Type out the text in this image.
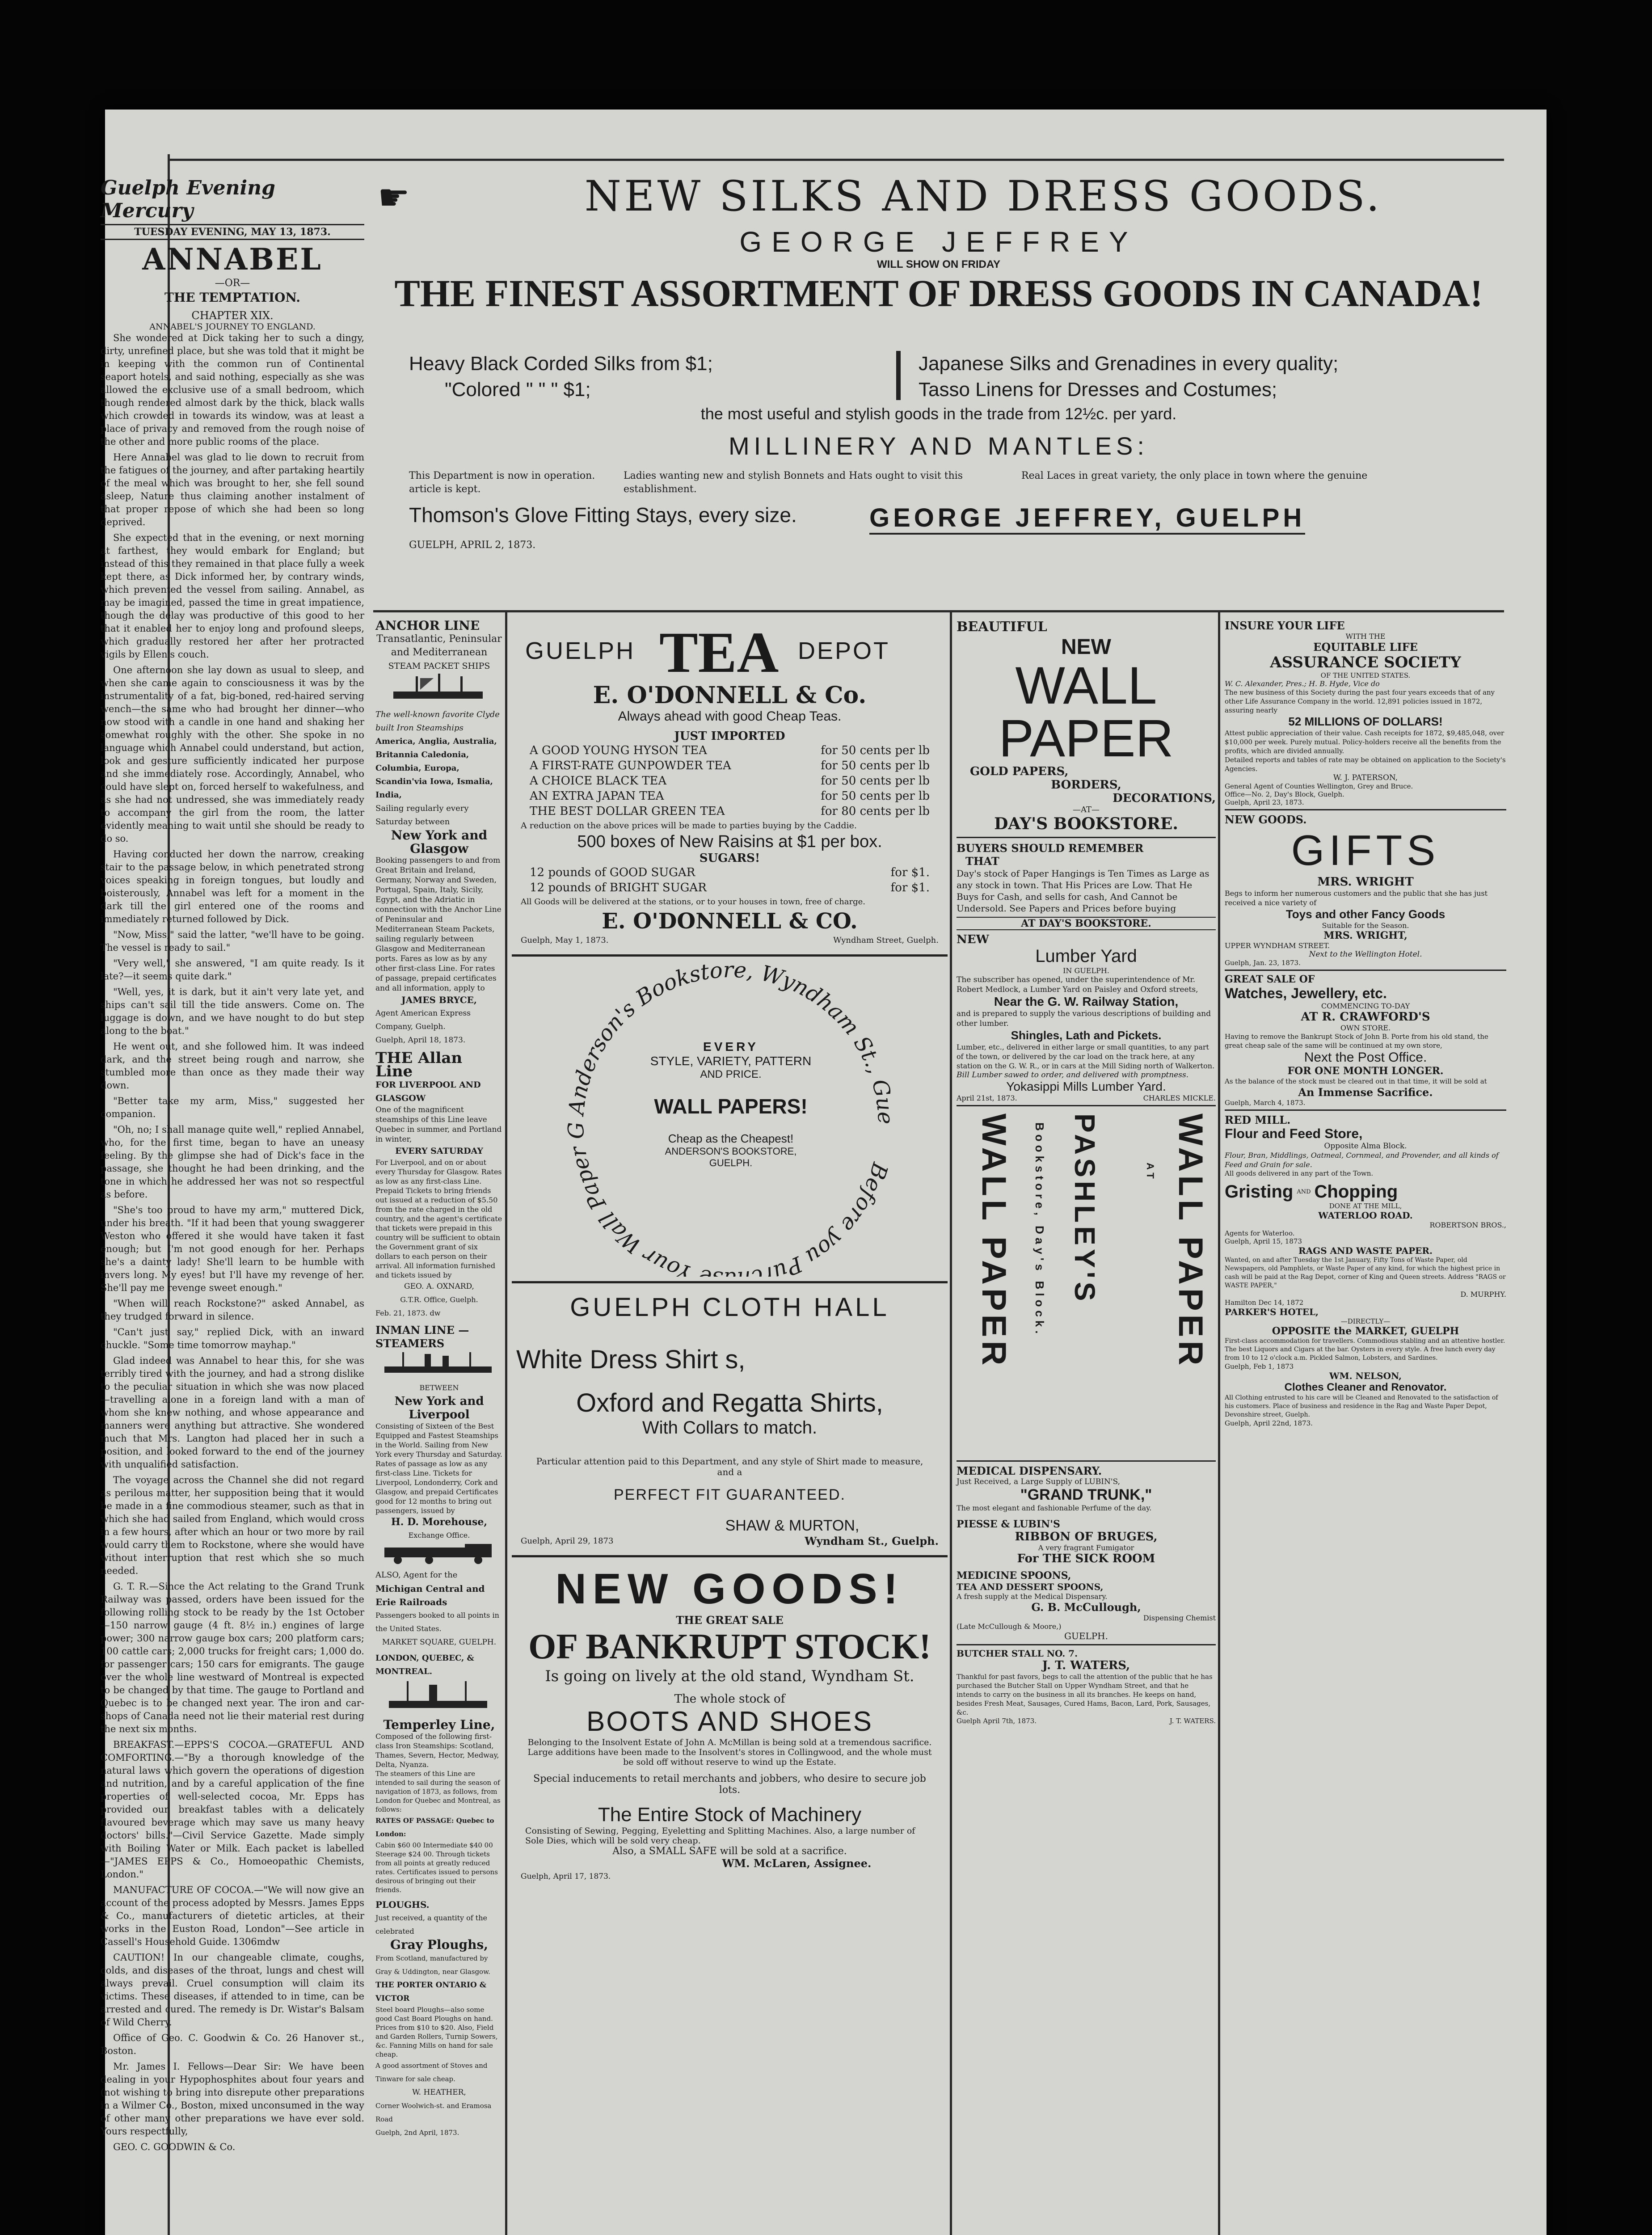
Guelph Evening Mercury
TUESDAY EVENING, MAY 13, 1873.
ANNABEL
—OR—
THE TEMPTATION.
CHAPTER XIX.
ANNABEL'S JOURNEY TO ENGLAND.

She wondered at Dick taking her to such a dingy, dirty, unrefined place, but she was told that it might be in keeping with the common run of Continental seaport hotels, and said nothing, especially as she was allowed the exclusive use of a small bedroom, which though rendered almost dark by the thick, black walls which crowded in towards its window, was at least a place of privacy and removed from the rough noise of the other and more public rooms of the place.

Here Annabel was glad to lie down to recruit from the fatigues of the journey, and after partaking heartily of the meal which was brought to her, she fell sound asleep, Nature thus claiming another instalment of that proper repose of which she had been so long deprived.

She expected that in the evening, or next morning at farthest, they would embark for England; but instead of this they remained in that place fully a week kept there, as Dick informed her, by contrary winds, which prevented the vessel from sailing. Annabel, as may be imagined, passed the time in great impatience, though the delay was productive of this good to her that it enabled her to enjoy long and profound sleeps, which gradually restored her after her protracted vigils by Ellen's couch.

One afternoon she lay down as usual to sleep, and when she came again to consciousness it was by the instrumentality of a fat, big-boned, red-haired serving wench—the same who had brought her dinner—who now stood with a candle in one hand and shaking her somewhat roughly with the other. She spoke in no language which Annabel could understand, but action, look and gesture sufficiently indicated her purpose and she immediately rose. Accordingly, Annabel, who could have slept on, forced herself to wakefulness, and as she had not undressed, she was immediately ready to accompany the girl from the room, the latter evidently meaning to wait until she should be ready to do so.

Having conducted her down the narrow, creaking stair to the passage below, in which penetrated strong voices speaking in foreign tongues, but loudly and boisterously, Annabel was left for a moment in the dark till the girl entered one of the rooms and immediately returned followed by Dick.

"Now, Miss," said the latter, "we'll have to be going. The vessel is ready to sail."

"Very well," she answered, "I am quite ready. Is it late?—it seems quite dark."

"Well, yes, it is dark, but it ain't very late yet, and ships can't sail till the tide answers. Come on. The luggage is down, and we have nought to do but step along to the boat."

He went out, and she followed him. It was indeed dark, and the street being rough and narrow, she stumbled more than once as they made their way down.

"Better take my arm, Miss," suggested her companion.

"Oh, no; I shall manage quite well," replied Annabel, who, for the first time, began to have an uneasy feeling. By the glimpse she had of Dick's face in the passage, she thought he had been drinking, and the tone in which he addressed her was not so respectful as before.

"She's too proud to have my arm," muttered Dick, under his breath. "If it had been that young swaggerer Weston who offered it she would have taken it fast enough; but I'm not good enough for her. Perhaps she's a dainty lady! She'll learn to be humble with invers long. My eyes! but I'll have my revenge of her. She'll pay me revenge sweet enough."

"When will reach Rockstone?" asked Annabel, as they trudged forward in silence.

"Can't just say," replied Dick, with an inward chuckle. "Some time tomorrow mayhap."

Glad indeed was Annabel to hear this, for she was terribly tired with the journey, and had a strong dislike to the peculiar situation in which she was now placed—travelling alone in a foreign land with a man of whom she knew nothing, and whose appearance and manners were anything but attractive. She wondered much that Mrs. Langton had placed her in such a position, and looked forward to the end of the journey with unqualified satisfaction.

The voyage across the Channel she did not regard as perilous matter, her supposition being that it would be made in a fine commodious steamer, such as that in which she had sailed from England, which would cross in a few hours, after which an hour or two more by rail would carry them to Rockstone, where she would have without interruption that rest which she so much needed.

G. T. R.—Since the Act relating to the Grand Trunk Railway was passed, orders have been issued for the following rolling stock to be ready by the 1st October—150 narrow gauge (4 ft. 8½ in.) engines of large power; 300 narrow gauge box cars; 200 platform cars; 100 cattle cars; 2,000 trucks for freight cars; 1,000 do. for passenger cars; 150 cars for emigrants. The gauge over the whole line westward of Montreal is expected to be changed by that time. The gauge to Portland and Quebec is to be changed next year. The iron and car-shops of Canada need not lie their material rest during the next six months.

BREAKFAST.—EPPS'S COCOA.—GRATEFUL AND COMFORTING.—"By a thorough knowledge of the natural laws which govern the operations of digestion and nutrition, and by a careful application of the fine properties of well-selected cocoa, Mr. Epps has provided our breakfast tables with a delicately flavoured beverage which may save us many heavy doctors' bills."—Civil Service Gazette. Made simply with Boiling Water or Milk. Each packet is labelled—"JAMES EPPS & Co., Homoeopathic Chemists, London."

MANUFACTURE OF COCOA.—"We will now give an account of the process adopted by Messrs. James Epps & Co., manufacturers of dietetic articles, at their works in the Euston Road, London"—See article in Cassell's Household Guide. 1306mdw

CAUTION! In our changeable climate, coughs, colds, and diseases of the throat, lungs and chest will always prevail. Cruel consumption will claim its victims. These diseases, if attended to in time, can be arrested and cured. The remedy is Dr. Wistar's Balsam of Wild Cherry.

Office of Geo. C. Goodwin & Co. 26 Hanover st., Boston.

Mr. James I. Fellows—Dear Sir: We have been dealing in your Hypophosphites about four years and (not wishing to bring into disrepute other preparations in a Wilmer Co., Boston, mixed unconsumed in the way of other many other preparations we have ever sold. Yours respectfully,

GEO. C. GOODWIN & Co.

☛	NEW SILKS AND DRESS GOODS.
GEORGE JEFFREY
WILL SHOW ON FRIDAY
THE FINEST ASSORTMENT OF DRESS GOODS IN CANADA!
Heavy Black Corded Silks from $1;
"Colored " " " $1;
Japanese Silks and Grenadines in every quality;
Tasso Linens for Dresses and Costumes;
the most useful and stylish goods in the trade from 12½c. per yard.
MILLINERY AND MANTLES:
This Department is now in operation. article is kept.
Ladies wanting new and stylish Bonnets and Hats ought to visit this establishment.
Real Laces in great variety, the only place in town where the genuine
Thomson's Glove Fitting Stays, every size.
GUELPH, APRIL 2, 1873.
GEORGE JEFFREY, GUELPH
ANCHOR LINE
Transatlantic, Peninsular and Mediterranean
STEAM PACKET SHIPS
The well-known favorite Clyde built Iron Steamships
America, Anglia, Australia, Britannia Caledonia, Columbia, Europa, Scandin'via Iowa, Ismalia, India,
Sailing regularly every Saturday between
New York and Glasgow
Booking passengers to and from Great Britain and Ireland, Germany, Norway and Sweden, Portugal, Spain, Italy, Sicily, Egypt, and the Adriatic in connection with the Anchor Line of Peninsular and Mediterranean Steam Packets, sailing regularly between Glasgow and Mediterranean ports. Fares as low as by any other first-class Line. For rates of passage, prepaid certificates and all information, apply to
JAMES BRYCE,
Agent American Express Company, Guelph.
Guelph, April 18, 1873.
THE Allan Line
FOR LIVERPOOL AND GLASGOW
One of the magnificent steamships of this Line leave Quebec in summer, and Portland in winter,
EVERY SATURDAY
For Liverpool, and on or about every Thursday for Glasgow. Rates as low as any first-class Line. Prepaid Tickets to bring friends out issued at a reduction of $5.50 from the rate charged in the old country, and the agent's certificate that tickets were prepaid in this country will be sufficient to obtain the Government grant of six dollars to each person on their arrival. All information furnished and tickets issued by
GEO. A. OXNARD,
G.T.R. Office, Guelph.
Feb. 21, 1873. dw
INMAN LINE — STEAMERS
BETWEEN
New York and Liverpool
Consisting of Sixteen of the Best Equipped and Fastest Steamships in the World. Sailing from New York every Thursday and Saturday.
Rates of passage as low as any first-class Line. Tickets for Liverpool, Londonderry, Cork and Glasgow, and prepaid Certificates good for 12 months to bring out passengers, issued by
H. D. Morehouse,
Exchange Office.
ALSO, Agent for the
Michigan Central and Erie Railroads
Passengers booked to all points in the United States.
MARKET SQUARE, GUELPH.
LONDON, QUEBEC, & MONTREAL.
Temperley Line,
Composed of the following first-class Iron Steamships: Scotland, Thames, Severn, Hector, Medway, Delta, Nyanza.
The steamers of this Line are intended to sail during the season of navigation of 1873, as follows, from London for Quebec and Montreal, as follows:
RATES OF PASSAGE: Quebec to London:
Cabin $60 00 Intermediate $40 00 Steerage $24 00. Through tickets from all points at greatly reduced rates. Certificates issued to persons desirous of bringing out their friends.
PLOUGHS.
Just received, a quantity of the celebrated
Gray Ploughs,
From Scotland, manufactured by Gray & Uddington, near Glasgow.
THE PORTER ONTARIO & VICTOR
Steel board Ploughs—also some good Cast Board Ploughs on hand. Prices from $10 to $20. Also, Field and Garden Rollers, Turnip Sowers, &c. Fanning Mills on hand for sale cheap.
A good assortment of Stoves and Tinware for sale cheap.
W. HEATHER,
Corner Woolwich-st. and Eramosa Road
Guelph, 2nd April, 1873.
GUELPH TEA DEPOT
E. O'DONNELL & Co.
Always ahead with good Cheap Teas.
JUST IMPORTED
A GOOD YOUNG HYSON TEA	for 50 cents per lb
A FIRST-RATE GUNPOWDER TEA	for 50 cents per lb
A CHOICE BLACK TEA	for 50 cents per lb
AN EXTRA JAPAN TEA	for 50 cents per lb
THE BEST DOLLAR GREEN TEA	for 80 cents per lb
A reduction on the above prices will be made to parties buying by the Caddie.
500 boxes of New Raisins at $1 per box.
SUGARS!
12 pounds of GOOD SUGAR	for $1.
12 pounds of BRIGHT SUGAR	for $1.
All Goods will be delivered at the stations, or to your houses in town, free of charge.
E. O'DONNELL & CO.
Guelph, May 1, 1873.	Wyndham Street, Guelph.
Anderson's Bookstore, Wyndham St., Gue
Before you Pur Your Wall Paper G
EVERY
STYLE, VARIETY, PATTERN
AND PRICE.
WALL PAPERS!
Cheap as the Cheapest!
ANDERSON'S BOOKSTORE,
GUELPH.
GUELPH CLOTH HALL
White Dress Shirt s,
Oxford and Regatta Shirts,
With Collars to match.
Particular attention paid to this Department, and any style of Shirt made to measure, and a
PERFECT FIT GUARANTEED.
SHAW & MURTON,
Guelph, April 29, 1873	Wyndham St., Guelph.
NEW GOODS!
THE GREAT SALE
OF BANKRUPT STOCK!
Is going on lively at the old stand, Wyndham St.
The whole stock of
BOOTS AND SHOES
Belonging to the Insolvent Estate of John A. McMillan is being sold at a tremendous sacrifice. Large additions have been made to the Insolvent's stores in Collingwood, and the whole must be sold off without reserve to wind up the Estate.
Special inducements to retail merchants and jobbers, who desire to secure job lots.
The Entire Stock of Machinery
Consisting of Sewing, Pegging, Eyeletting and Splitting Machines. Also, a large number of Sole Dies, which will be sold very cheap.
Also, a SMALL SAFE will be sold at a sacrifice.
WM. McLaren, Assignee.
Guelph, April 17, 1873.
BEAUTIFUL
NEW
WALL
PAPER
GOLD PAPERS,
BORDERS,
DECORATIONS,
—AT—
DAY'S BOOKSTORE.
BUYERS SHOULD REMEMBER
THAT
Day's stock of Paper Hangings is Ten Times as Large as any stock in town. That His Prices are Low. That He Buys for Cash, and sells for cash, And Cannot be Undersold. See Papers and Prices before buying
AT DAY'S BOOKSTORE.
NEW
Lumber Yard
IN GUELPH.
The subscriber has opened, under the superintendence of Mr. Robert Medlock, a Lumber Yard on Paisley and Oxford streets,
Near the G. W. Railway Station,
and is prepared to supply the various descriptions of building and other lumber.
Shingles, Lath and Pickets.
Lumber, etc., delivered in either large or small quantities, to any part of the town, or delivered by the car load on the track here, at any station on the G. W. R., or in cars at the Mill Siding north of Walkerton.
Bill Lumber sawed to order, and delivered with promptness.
Yokasippi Mills Lumber Yard.
April 21st, 1873.	CHARLES MICKLE.
WALL PAPER
AT
PASHLEY'S
Bookstore, Day's Block.
WALL PAPER
MEDICAL DISPENSARY.
Just Received, a Large Supply of LUBIN'S,
"GRAND TRUNK,"
The most elegant and fashionable Perfume of the day.
PIESSE & LUBIN'S
RIBBON OF BRUGES,
A very fragrant Fumigator
For THE SICK ROOM
MEDICINE SPOONS,
TEA AND DESSERT SPOONS,
A fresh supply at the Medical Dispensary.
G. B. McCullough,
Dispensing Chemist
(Late McCullough & Moore,)
GUELPH.
BUTCHER STALL NO. 7.
J. T. WATERS,
Thankful for past favors, begs to call the attention of the public that he has purchased the Butcher Stall on Upper Wyndham Street, and that he intends to carry on the business in all its branches. He keeps on hand, besides Fresh Meat, Sausages, Cured Hams, Bacon, Lard, Pork, Sausages, &c.
Guelph April 7th, 1873.	J. T. WATERS.
INSURE YOUR LIFE
WITH THE
EQUITABLE LIFE
ASSURANCE SOCIETY
OF THE UNITED STATES.
W. C. Alexander, Pres.; H. B. Hyde, Vice do
The new business of this Society during the past four years exceeds that of any other Life Assurance Company in the world. 12,891 policies issued in 1872, assuring nearly
52 MILLIONS OF DOLLARS!
Attest public appreciation of their value. Cash receipts for 1872, $9,485,048, over $10,000 per week. Purely mutual. Policy-holders receive all the benefits from the profits, which are divided annually.
Detailed reports and tables of rate may be obtained on application to the Society's Agencies.
W. J. PATERSON,
General Agent of Counties Wellington, Grey and Bruce.
Office—No. 2, Day's Block, Guelph.
Guelph, April 23, 1873.
NEW GOODS.
GIFTS
MRS. WRIGHT
Begs to inform her numerous customers and the public that she has just received a nice variety of
Toys and other Fancy Goods
Suitable for the Season.
MRS. WRIGHT,
UPPER WYNDHAM STREET.
Next to the Wellington Hotel.
Guelph, Jan. 23, 1873.
GREAT SALE OF
Watches, Jewellery, etc.
COMMENCING TO-DAY
AT R. CRAWFORD'S
OWN STORE.
Having to remove the Bankrupt Stock of John B. Porte from his old stand, the great cheap sale of the same will be continued at my own store,
Next the Post Office.
FOR ONE MONTH LONGER.
As the balance of the stock must be cleared out in that time, it will be sold at
An Immense Sacrifice.
Guelph, March 4, 1873.
RED MILL.
Flour and Feed Store,
Opposite Alma Block.
Flour, Bran, Middlings, Oatmeal, Cornmeal, and Provender, and all kinds of Feed and Grain for sale.
All goods delivered in any part of the Town.
Gristing AND Chopping
DONE AT THE MILL,
WATERLOO ROAD.
ROBERTSON BROS.,
Agents for Waterloo.
Guelph, April 15, 1873
RAGS AND WASTE PAPER.
Wanted, on and after Tuesday the 1st January, Fifty Tons of Waste Paper, old Newspapers, old Pamphlets, or Waste Paper of any kind, for which the highest price in cash will be paid at the Rag Depot, corner of King and Queen streets. Address "RAGS or WASTE PAPER,"
D. MURPHY.
Hamilton Dec 14, 1872
PARKER'S HOTEL,
—DIRECTLY—
OPPOSITE the MARKET, GUELPH
First-class accommodation for travellers. Commodious stabling and an attentive hostler. The best Liquors and Cigars at the bar. Oysters in every style. A free lunch every day from 10 to 12 o'clock a.m. Pickled Salmon, Lobsters, and Sardines.
Guelph, Feb 1, 1873
WM. NELSON,
Clothes Cleaner and Renovator.
All Clothing entrusted to his care will be Cleaned and Renovated to the satisfaction of his customers. Place of business and residence in the Rag and Waste Paper Depot, Devonshire street, Guelph.
Guelph, April 22nd, 1873.
